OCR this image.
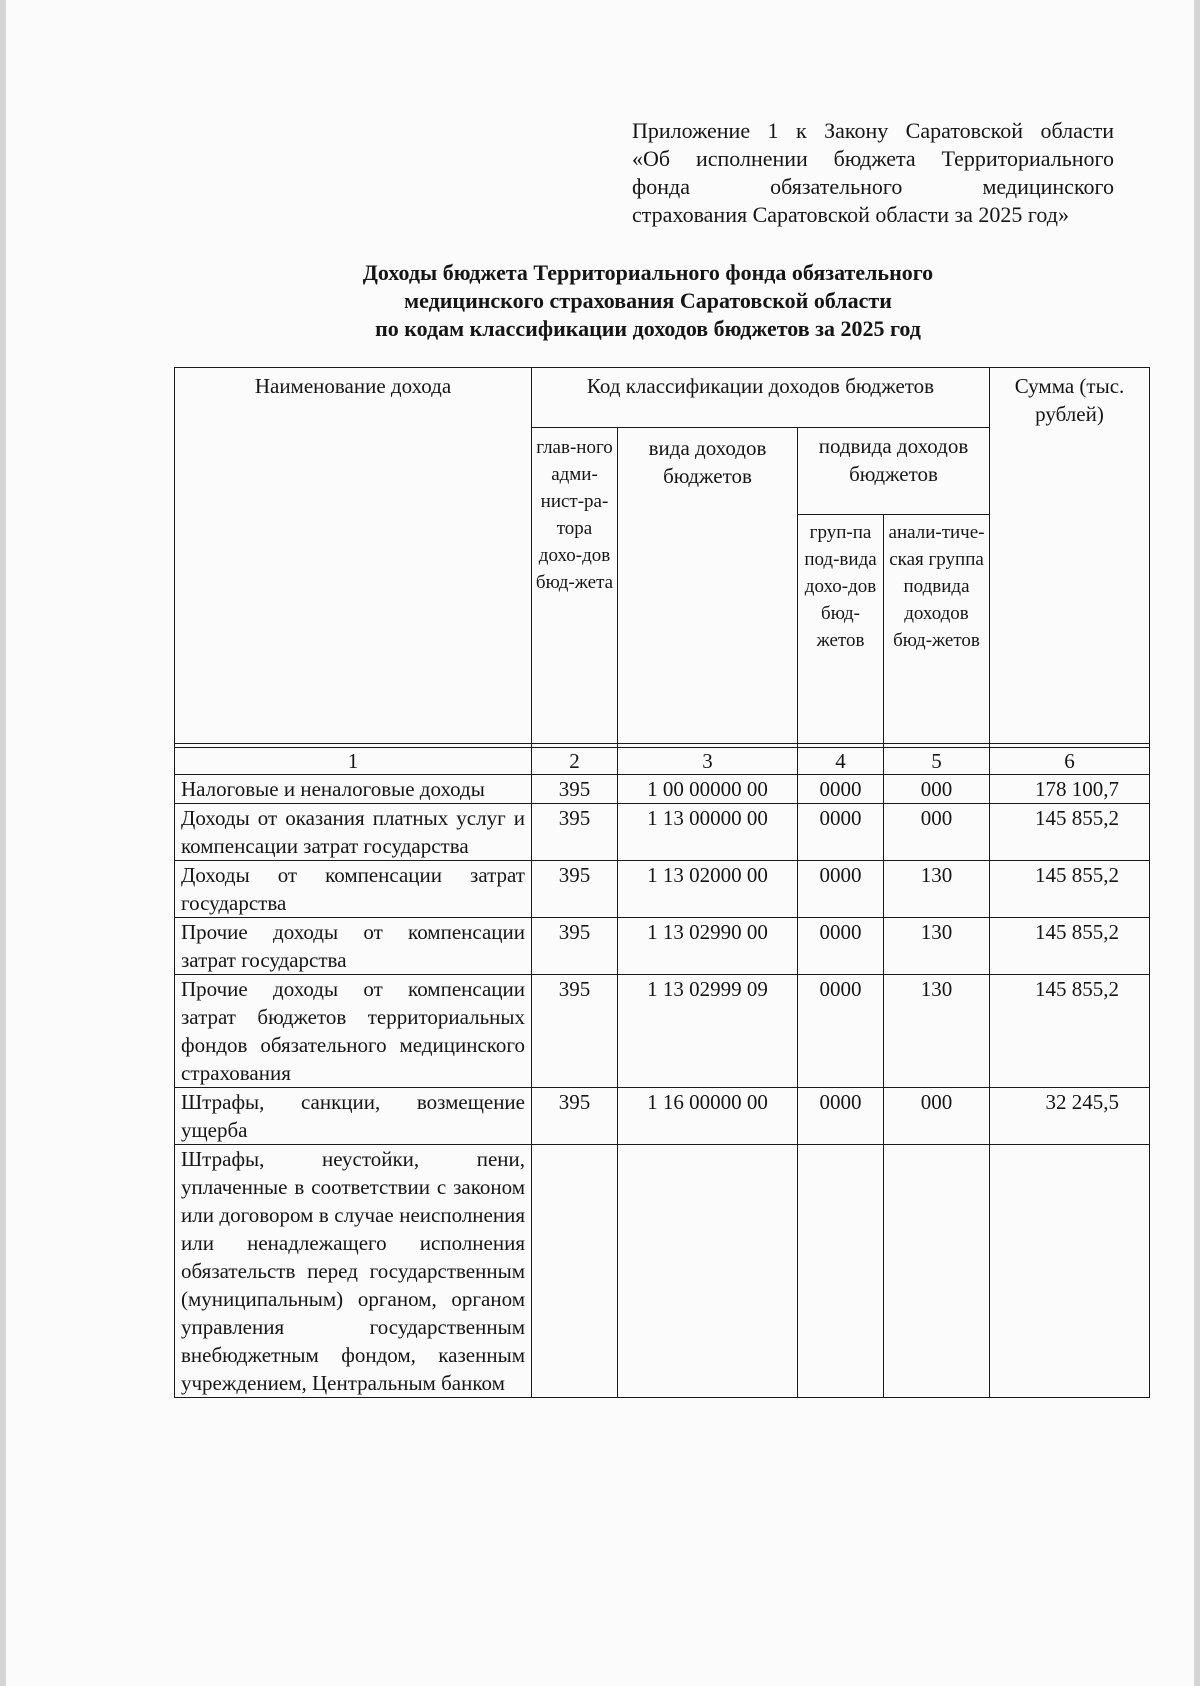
Приложение 1 к Закону Саратовской области
«Об исполнении бюджета Территориального
фонда обязательного медицинского
страхования Саратовской области за 2025 год»
Доходы бюджета Территориального фонда обязательного
медицинского страхования Саратовской области
по кодам классификации доходов бюджетов за 2025 год
Наименование дохода	Код классификации доходов бюджетов				Сумма (тыс. рублей)
	глав-ного адми-нист-ра-тора дохо-дов бюд-жета	вида доходов бюджетов	подвида доходов бюджетов		
			груп-па под-вида дохо-дов бюд-жетов	анали-тиче-ская группа подвида доходов бюд-жетов	

1	2	3	4	5	6
Налоговые и неналоговые доходы	395	1 00 00000 00	0000	000	178 100,7
Доходы от оказания платных услуг и компенсации затрат государства	395	1 13 00000 00	0000	000	145 855,2
Доходы от компенсации затрат государства	395	1 13 02000 00	0000	130	145 855,2
Прочие доходы от компенсации затрат государства	395	1 13 02990 00	0000	130	145 855,2
Прочие доходы от компенсации затрат бюджетов территориальных фондов обязательного медицинского страхования	395	1 13 02999 09	0000	130	145 855,2
Штрафы, санкции, возмещение ущерба	395	1 16 00000 00	0000	000	32 245,5
Штрафы, неустойки, пени, уплаченные в соответствии с законом или договором в случае неисполнения или ненадлежащего исполнения обязательств перед государственным (муниципальным) органом, органом управления государственным внебюджетным фондом, казенным учреждением, Центральным банком					
